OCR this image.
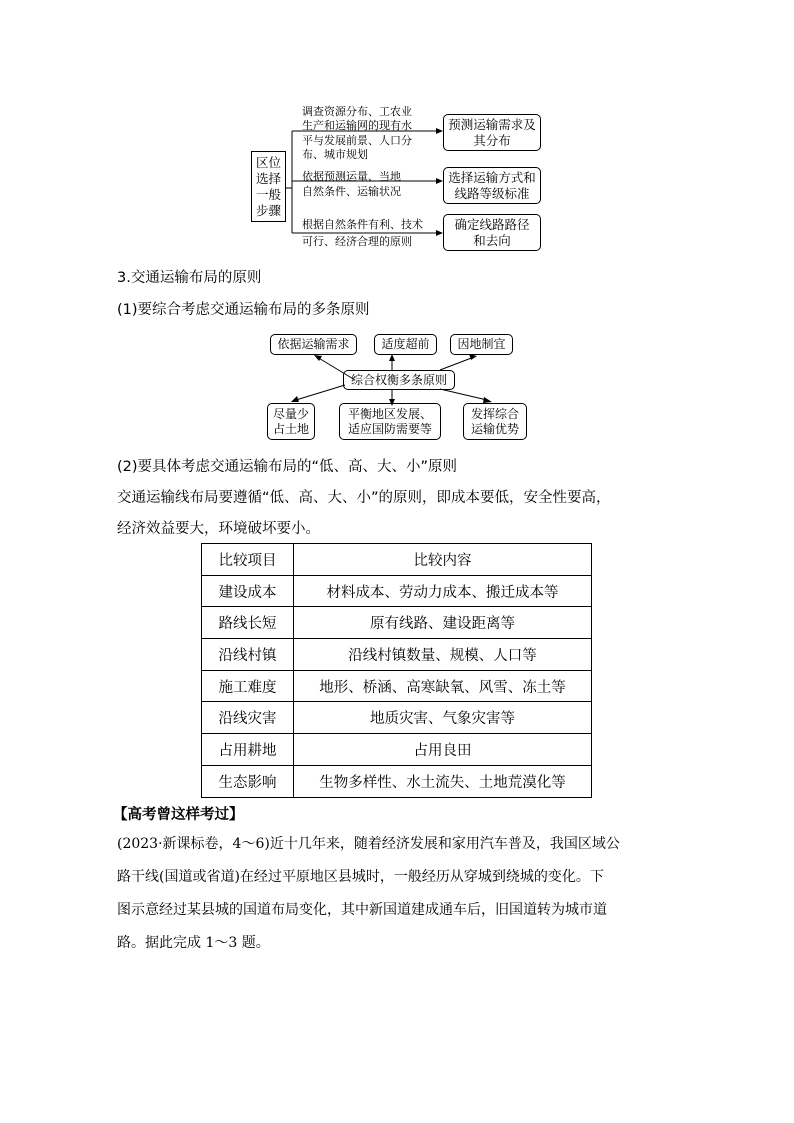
区位
选择
一般
步骤
调查资源分布、工农业
生产和运输网的现有水
平与发展前景、人口分
布、城市规划
预测运输需求及
其分布
依据预测运量、当地
自然条件、运输状况
选择运输方式和
线路等级标准
根据自然条件有利、技术
可行、经济合理的原则
确定线路路径
和去向
3.交通运输布局的原则
(1)要综合考虑交通运输布局的多条原则
依据运输需求	适度超前	因地制宜
综合权衡多条原则
尽量少
占土地
平衡地区发展、
适应国防需要等
发挥综合
运输优势
(2)要具体考虑交通运输布局的“低、高、大、小”原则
交通运输线布局要遵循“低、高、大、小”的原则，即成本要低，安全性要高，
经济效益要大，环境破坏要小。
比较项目	比较内容
建设成本	材料成本、劳动力成本、搬迁成本等
路线长短	原有线路、建设距离等
沿线村镇	沿线村镇数量、规模、人口等
施工难度	地形、桥涵、高寒缺氧、风雪、冻土等
沿线灾害	地质灾害、气象灾害等
占用耕地	占用良田
生态影响	生物多样性、水土流失、土地荒漠化等
【高考曾这样考过】
(2023·新课标卷，4～6)近十几年来，随着经济发展和家用汽车普及，我国区域公
路干线(国道或省道)在经过平原地区县城时，一般经历从穿城到绕城的变化。下
图示意经过某县城的国道布局变化，其中新国道建成通车后，旧国道转为城市道
路。据此完成 1～3 题。
